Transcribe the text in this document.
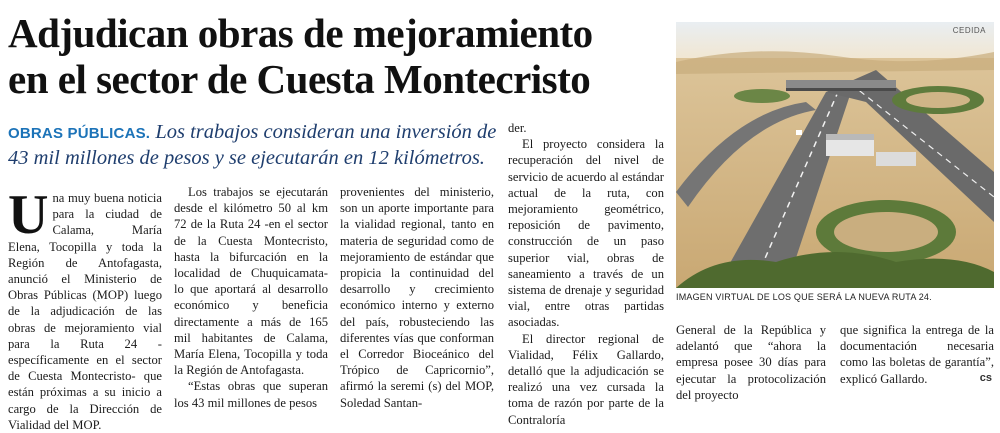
Adjudican obras de mejoramiento
en el sector de Cuesta Montecristo
OBRAS PÚBLICAS. Los trabajos consideran una inversión de 43 mil millones de pesos y se ejecutarán en 12 kilómetros.
U na muy buena noticia para la ciudad de Calama, María Elena, Tocopilla y toda la Región de Antofagasta, anunció el Ministerio de Obras Públicas (MOP) luego de la adjudicación de las obras de mejoramiento vial para la Ruta 24 -específicamente en el sector de Cuesta Montecristo- que están próximas a su inicio a cargo de la Dirección de Vialidad del MOP.

Los trabajos se ejecutarán desde el kilómetro 50 al km 72 de la Ruta 24 -en el sector de la Cuesta Montecristo, hasta la bifurcación en la localidad de Chuquicamata- lo que aportará al desarrollo económico y beneficia directamente a más de 165 mil habitantes de Calama, María Elena, Tocopilla y toda la Región de Antofagasta.

“Estas obras que superan los 43 mil millones de pesos

provenientes del ministerio, son un aporte importante para la vialidad regional, tanto en materia de seguridad como de mejoramiento de estándar que propicia la continuidad del desarrollo y crecimiento económico interno y externo del país, robusteciendo las diferentes vías que conforman el Corredor Bioceánico del Trópico de Capricornio”, afirmó la seremi (s) del MOP, Soledad Santan-

der.

El proyecto considera la recuperación del nivel de servicio de acuerdo al estándar actual de la ruta, con mejoramiento geométrico, reposición de pavimento, construcción de un paso superior vial, obras de saneamiento a través de un sistema de drenaje y seguridad vial, entre otras partidas asociadas.

El director regional de Vialidad, Félix Gallardo, detalló que la adjudicación se realizó una vez cursada la toma de razón por parte de la Contraloría

General de la República y adelantó que “ahora la empresa posee 30 días para ejecutar la protocolización del proyecto

que significa la entrega de la documentación necesaria como las boletas de garantía”, explicó Gallardo.

CEDIDA
IMAGEN VIRTUAL DE LOS QUE SERÁ LA NUEVA RUTA 24.
cs
